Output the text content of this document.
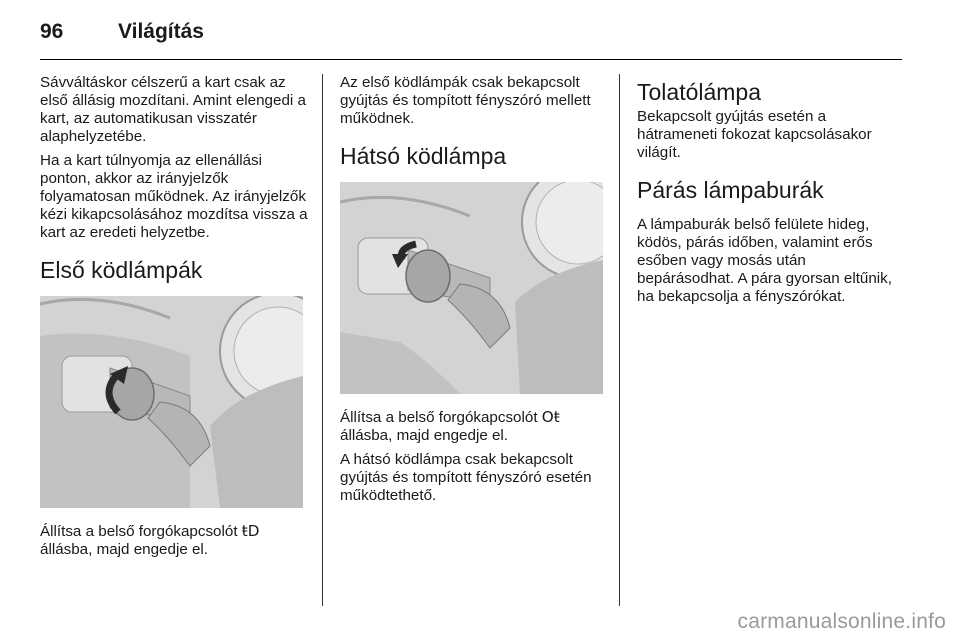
96	Világítás

Sávváltáskor célszerű a kart csak az első állásig mozdítani. Amint elengedi a kart, az automatikusan visszatér alaphelyzetébe.

Ha a kart túlnyomja az ellenállási ponton, akkor az irányjelzők folyamatosan működnek. Az irányjelzők kézi kikapcsolásához mozdítsa vissza a kart az eredeti helyzetbe.

Első ködlámpák

Állítsa a belső forgókapcsolót ŧD
állásba, majd engedje el.

Az első ködlámpák csak bekapcsolt gyújtás és tompított fényszóró mellett működnek.

Hátsó ködlámpa

Állítsa a belső forgókapcsolót Oŧ
állásba, majd engedje el.

A hátsó ködlámpa csak bekapcsolt gyújtás és tompított fényszóró esetén működtethető.

Tolatólámpa

Bekapcsolt gyújtás esetén a hátrameneti fokozat kapcsolásakor világít.

Párás lámpaburák

A lámpaburák belső felülete hideg, ködös, párás időben, valamint erős esőben vagy mosás után bepárásodhat. A pára gyorsan eltűnik, ha bekapcsolja a fényszórókat.

carmanualsonline.info
